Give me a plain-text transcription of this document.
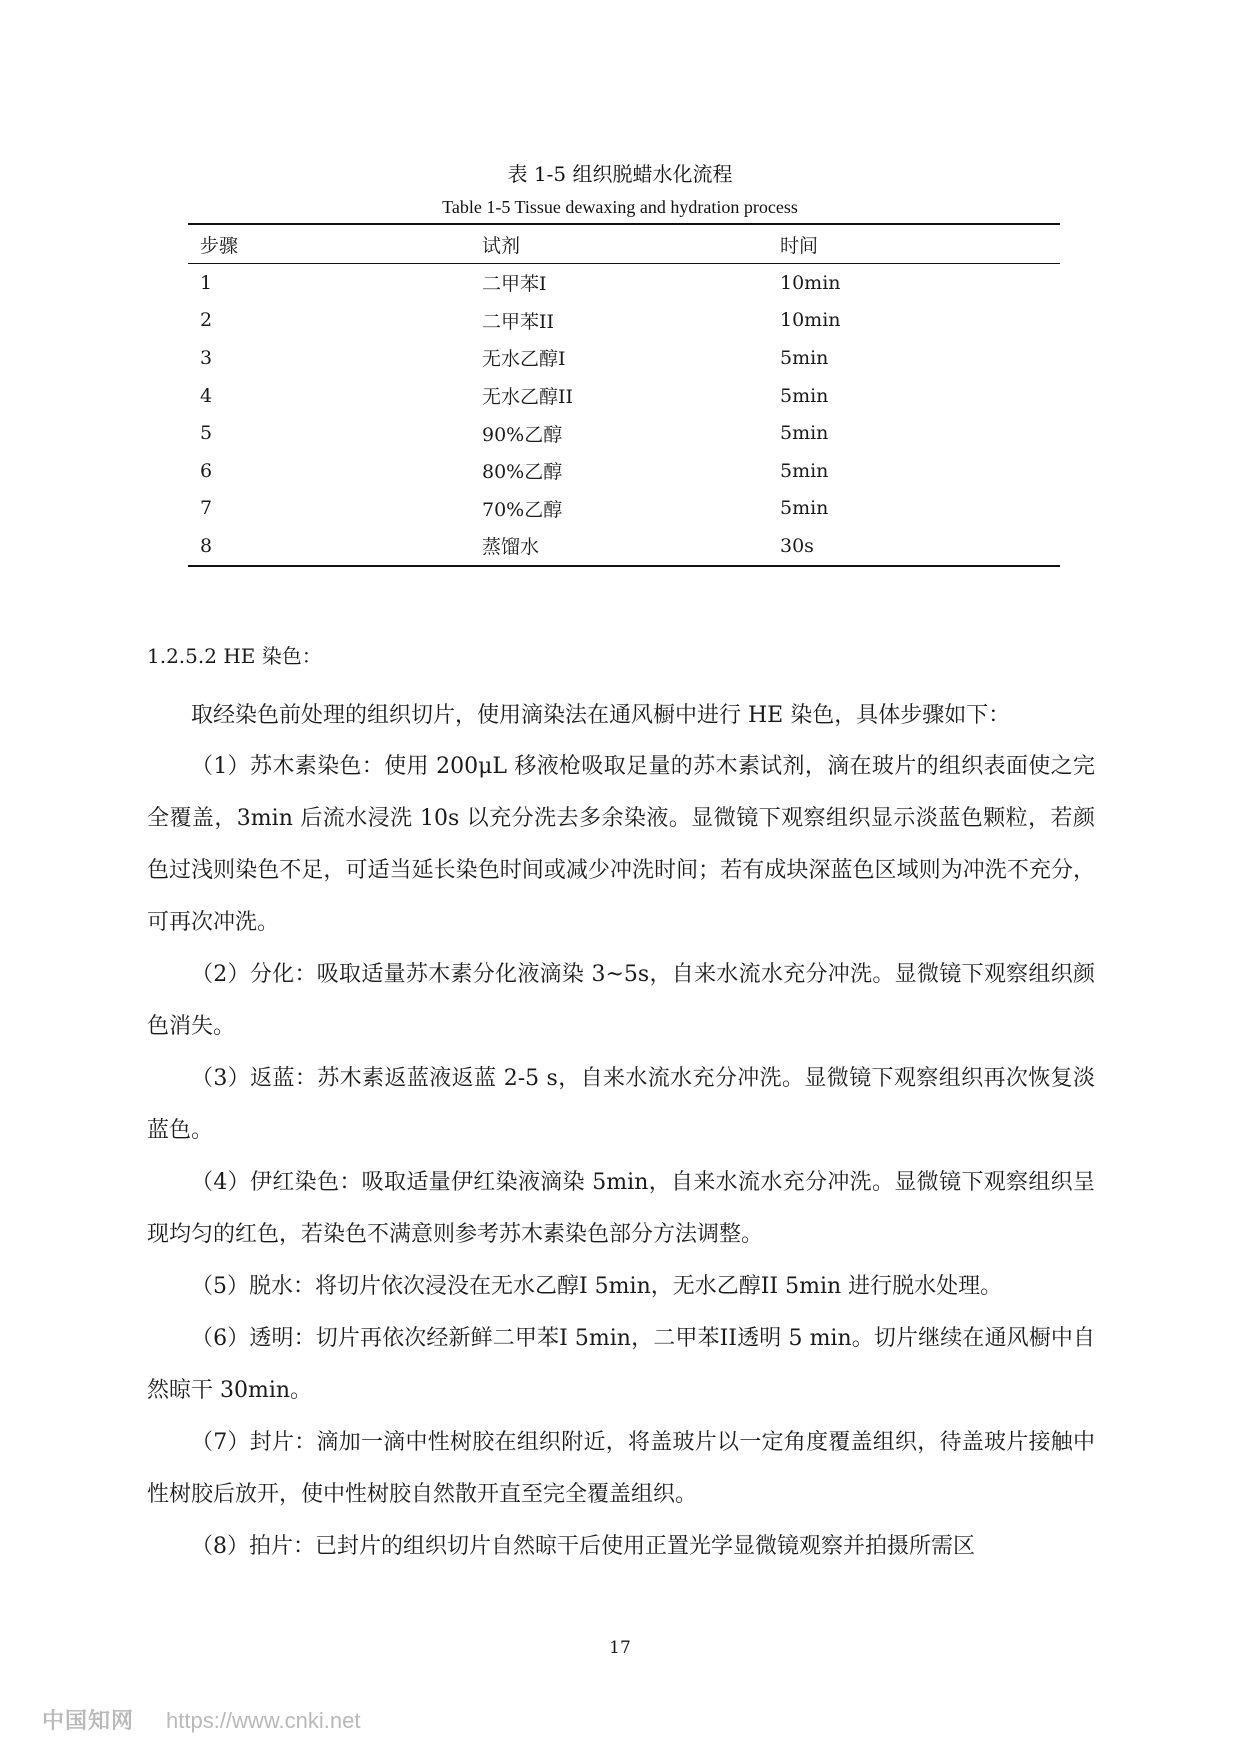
表 1-5 组织脱蜡水化流程
Table 1-5 Tissue dewaxing and hydration process
步骤	试剂	时间
1	二甲苯I	10min
2	二甲苯II	10min
3	无水乙醇I	5min
4	无水乙醇II	5min
5	90%乙醇	5min
6	80%乙醇	5min
7	70%乙醇	5min
8	蒸馏水	30s
1.2.5.2 HE 染色：

取经染色前处理的组织切片，使用滴染法在通风橱中进行 HE 染色，具体步骤如下：

（1）苏木素染色：使用 200μL 移液枪吸取足量的苏木素试剂，滴在玻片的组织表面使之完全覆盖，3min 后流水浸洗 10s 以充分洗去多余染液。显微镜下观察组织显示淡蓝色颗粒，若颜色过浅则染色不足，可适当延长染色时间或减少冲洗时间；若有成块深蓝色区域则为冲洗不充分，可再次冲洗。

（2）分化：吸取适量苏木素分化液滴染 3~5s，自来水流水充分冲洗。显微镜下观察组织颜色消失。

（3）返蓝：苏木素返蓝液返蓝 2-5 s，自来水流水充分冲洗。显微镜下观察组织再次恢复淡蓝色。

（4）伊红染色：吸取适量伊红染液滴染 5min，自来水流水充分冲洗。显微镜下观察组织呈现均匀的红色，若染色不满意则参考苏木素染色部分方法调整。

（5）脱水：将切片依次浸没在无水乙醇I 5min，无水乙醇II 5min 进行脱水处理。

（6）透明：切片再依次经新鲜二甲苯I 5min，二甲苯II透明 5 min。切片继续在通风橱中自然晾干 30min。

（7）封片：滴加一滴中性树胶在组织附近，将盖玻片以一定角度覆盖组织，待盖玻片接触中性树胶后放开，使中性树胶自然散开直至完全覆盖组织。

（8）拍片：已封片的组织切片自然晾干后使用正置光学显微镜观察并拍摄所需区

17
中国知网 https://www.cnki.net
